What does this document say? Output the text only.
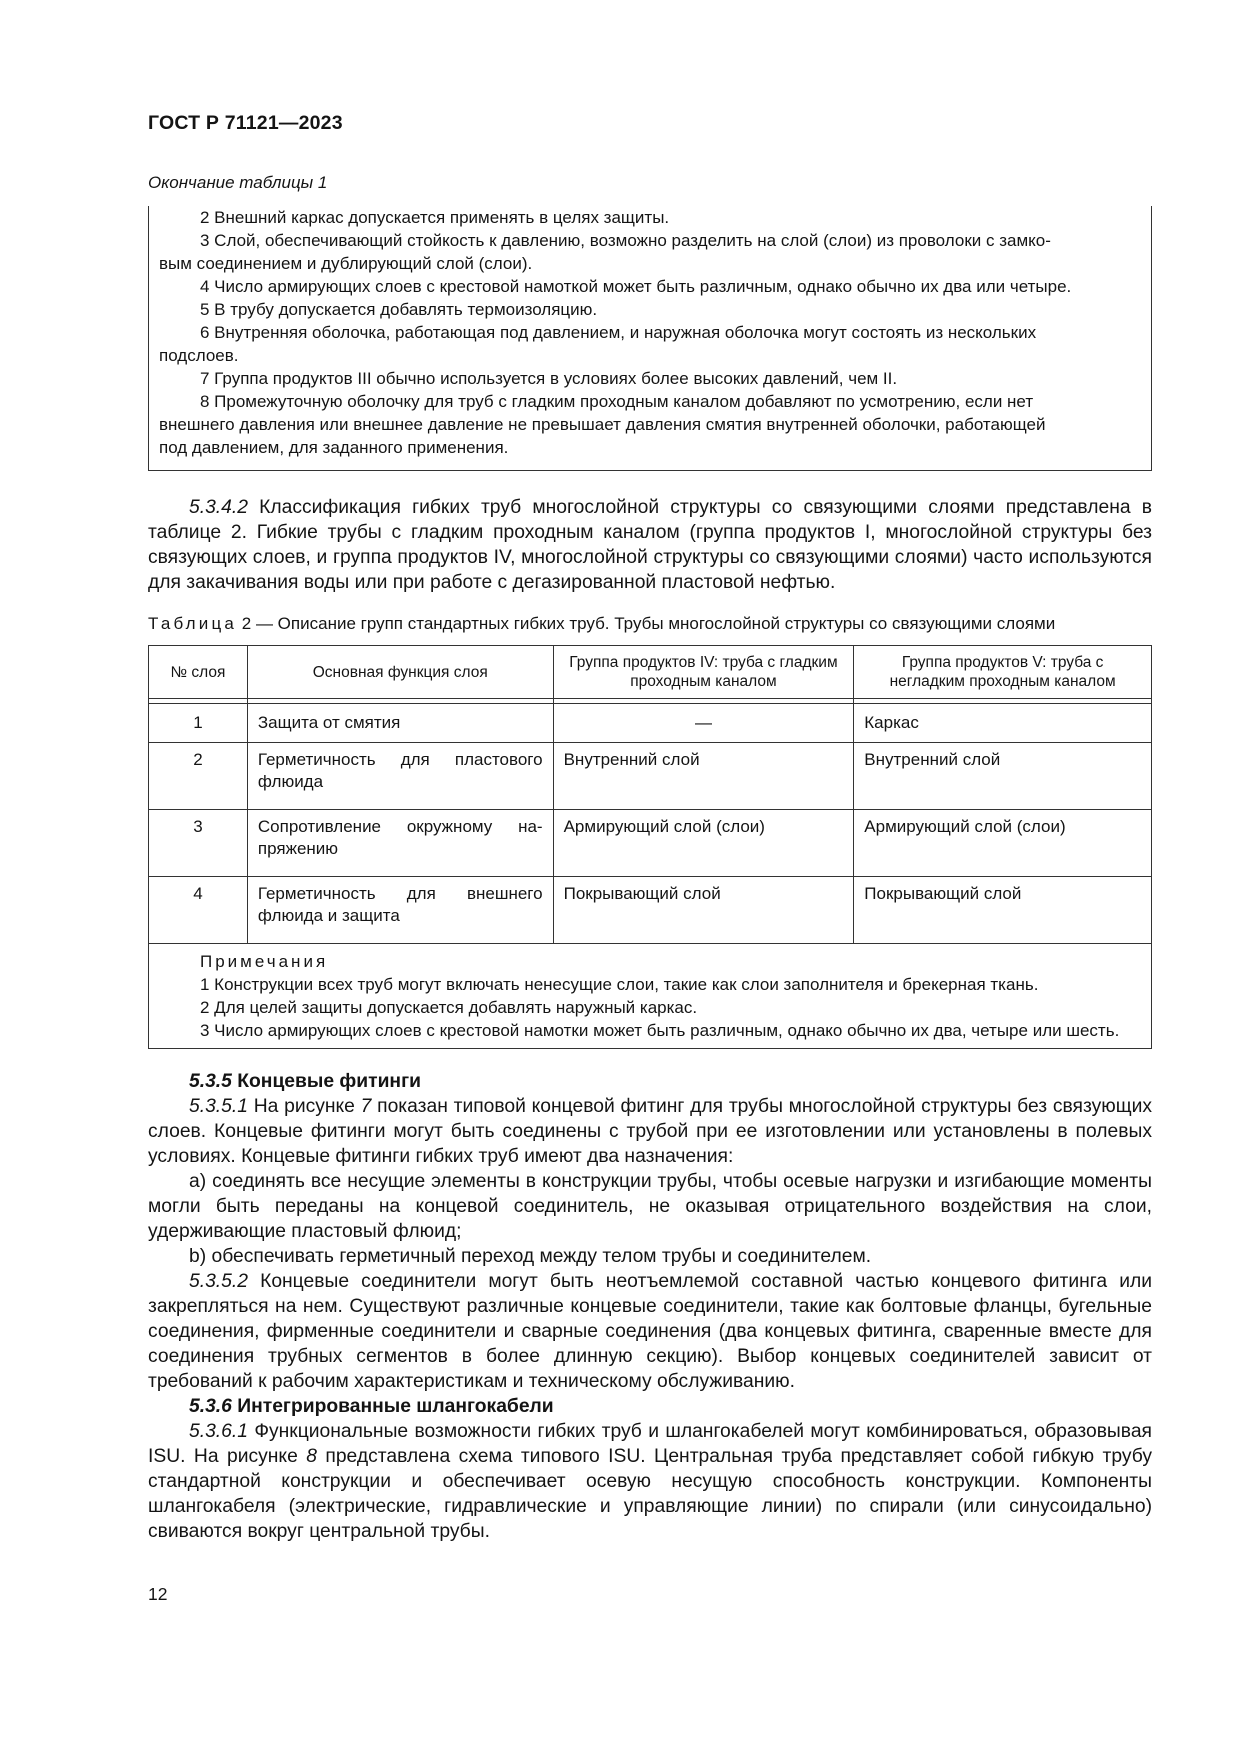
ГОСТ Р 71121—2023
Окончание таблицы 1
2 Внешний каркас допускается применять в целях защиты.
3 Слой, обеспечивающий стойкость к давлению, возможно разделить на слой (слои) из проволоки с замко-
вым соединением и дублирующий слой (слои).
4 Число армирующих слоев с крестовой намоткой может быть различным, однако обычно их два или четыре.
5 В трубу допускается добавлять термоизоляцию.
6 Внутренняя оболочка, работающая под давлением, и наружная оболочка могут состоять из нескольких
подслоев.
7 Группа продуктов III обычно используется в условиях более высоких давлений, чем II.
8 Промежуточную оболочку для труб с гладким проходным каналом добавляют по усмотрению, если нет
внешнего давления или внешнее давление не превышает давления смятия внутренней оболочки, работающей
под давлением, для заданного применения.
5.3.4.2 Классификация гибких труб многослойной структуры со связующими слоями представлена в таблице 2. Гибкие трубы с гладким проходным каналом (группа продуктов I, многослойной структуры без связующих слоев, и группа продуктов IV, многослойной структуры со связующими слоями) часто используются для закачивания воды или при работе с дегазированной пластовой нефтью.
Таблица 2 — Описание групп стандартных гибких труб. Трубы многослойной структуры со связующими слоями
№ слоя	Основная функция слоя	Группа продуктов IV: труба с гладким проходным каналом	Группа продуктов V: труба с негладким проходным каналом

1	Защита от смятия	—	Каркас
2	Герметичность для пластового флюида	Внутренний слой	Внутренний слой
3	Сопротивление окружному на-пряжению	Армирующий слой (слои)	Армирующий слой (слои)
4	Герметичность для внешнего флюида и защита	Покрывающий слой	Покрывающий слой

Примечания
1 Конструкции всех труб могут включать ненесущие слои, такие как слои заполнителя и брекерная ткань.
2 Для целей защиты допускается добавлять наружный каркас.
3 Число армирующих слоев с крестовой намотки может быть различным, однако обычно их два, четыре или шесть.			
5.3.5 Концевые фитинги
5.3.5.1 На рисунке 7 показан типовой концевой фитинг для трубы многослойной структуры без связующих слоев. Концевые фитинги могут быть соединены с трубой при ее изготовлении или установлены в полевых условиях. Концевые фитинги гибких труб имеют два назначения:
a) соединять все несущие элементы в конструкции трубы, чтобы осевые нагрузки и изгибающие моменты могли быть переданы на концевой соединитель, не оказывая отрицательного воздействия на слои, удерживающие пластовый флюид;
b) обеспечивать герметичный переход между телом трубы и соединителем.
5.3.5.2 Концевые соединители могут быть неотъемлемой составной частью концевого фитинга или закрепляться на нем. Существуют различные концевые соединители, такие как болтовые фланцы, бугельные соединения, фирменные соединители и сварные соединения (два концевых фитинга, сваренные вместе для соединения трубных сегментов в более длинную секцию). Выбор концевых соединителей зависит от требований к рабочим характеристикам и техническому обслуживанию.
5.3.6 Интегрированные шлангокабели
5.3.6.1 Функциональные возможности гибких труб и шлангокабелей могут комбинироваться, образовывая ISU. На рисунке 8 представлена схема типового ISU. Центральная труба представляет собой гибкую трубу стандартной конструкции и обеспечивает осевую несущую способность конструкции. Компоненты шлангокабеля (электрические, гидравлические и управляющие линии) по спирали (или синусоидально) свиваются вокруг центральной трубы.
12
